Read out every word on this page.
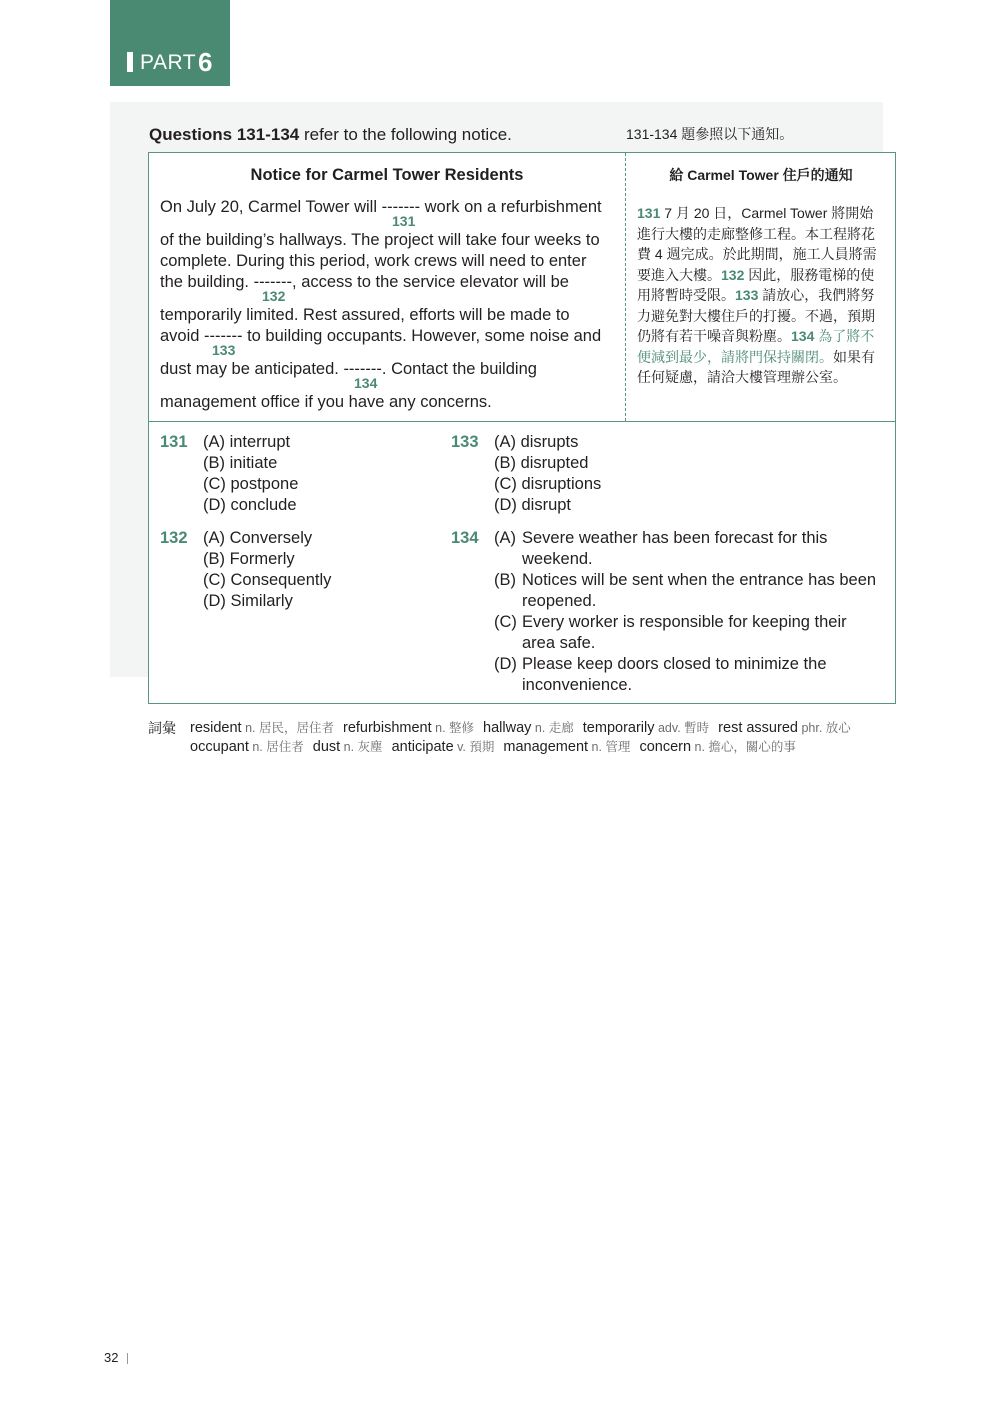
PART 6
Questions 131-134 refer to the following notice.	131-134 題參照以下通知。
Notice for Carmel Tower Residents
On July 20, Carmel Tower will ------- work on a refurbishment
131
of the building’s hallways. The project will take four weeks to
complete. During this period, work crews will need to enter
the building. -------, access to the service elevator will be
132
temporarily limited. Rest assured, efforts will be made to
avoid ------- to building occupants. However, some noise and
133
dust may be anticipated. -------. Contact the building
134
management office if you have any concerns.
給 Carmel Tower 住戶的通知
131 7 月 20 日，Carmel Tower 將開始進行大樓的走廊整修工程。本工程將花費 4 週完成。於此期間，施工人員將需要進入大樓。132 因此，服務電梯的使用將暫時受限。133 請放心，我們將努力避免對大樓住戶的打擾。不過，預期仍將有若干噪音與粉塵。134 為了將不便減到最少，請將門保持關閉。如果有任何疑慮，請洽大樓管理辦公室。
131 (A) interrupt
(B) initiate
(C) postpone
(D) conclude
133 (A) disrupts
(B) disrupted
(C) disruptions
(D) disrupt
132 (A) Conversely
(B) Formerly
(C) Consequently
(D) Similarly
134 (A) Severe weather has been forecast for this
weekend.
(B) Notices will be sent when the entrance has been
reopened.
(C) Every worker is responsible for keeping their
area safe.
(D) Please keep doors closed to minimize the
inconvenience.
詞彙 resident n. 居民，居住者 refurbishment n. 整修 hallway n. 走廊 temporarily adv. 暫時 rest assured phr. 放心
occupant n. 居住者 dust n. 灰塵 anticipate v. 預期 management n. 管理 concern n. 擔心，關心的事
32
